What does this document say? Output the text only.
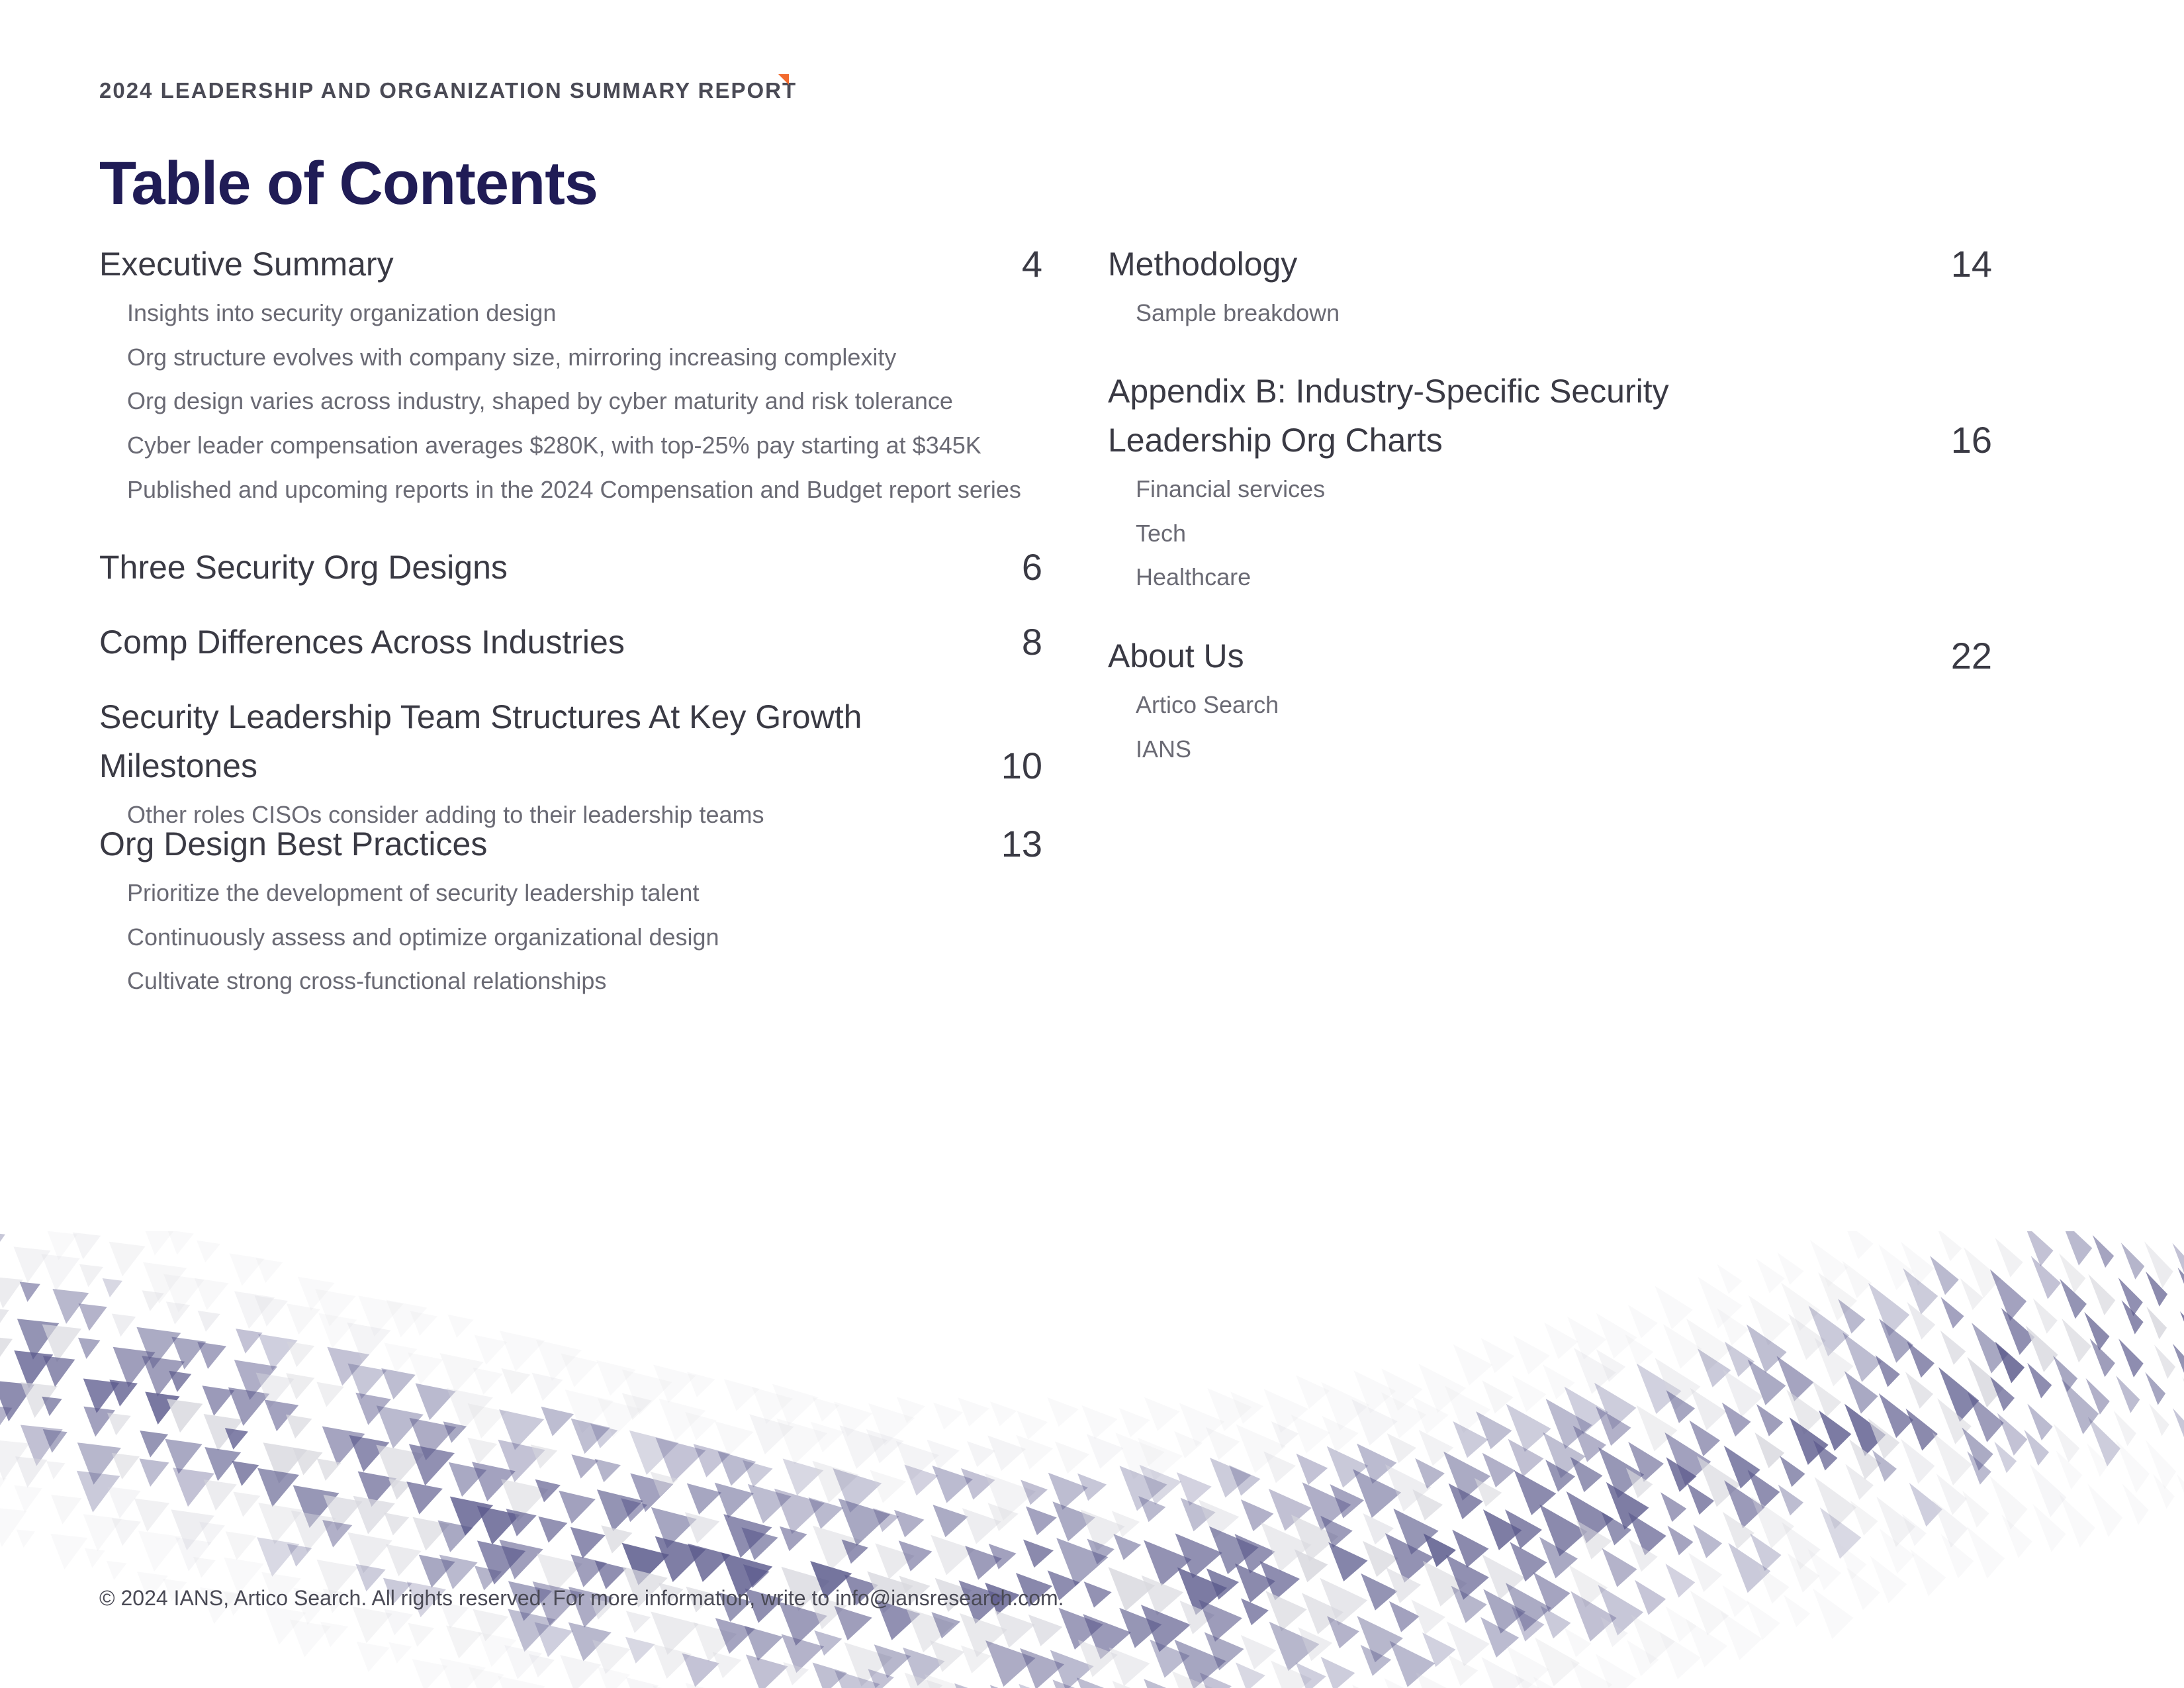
2024 LEADERSHIP AND ORGANIZATION SUMMARY REPORT
Table of Contents
Executive Summary	4
Insights into security organization design
Org structure evolves with company size, mirroring increasing complexity
Org design varies across industry, shaped by cyber maturity and risk tolerance
Cyber leader compensation averages $280K, with top-25% pay starting at $345K
Published and upcoming reports in the 2024 Compensation and Budget report series
Three Security Org Designs	6
Comp Differences Across Industries	8
Security Leadership Team Structures At Key Growth Milestones	10
Other roles CISOs consider adding to their leadership teams
Org Design Best Practices	13
Prioritize the development of security leadership talent
Continuously assess and optimize organizational design
Cultivate strong cross-functional relationships
Methodology	14
Sample breakdown
Appendix B: Industry-Specific Security
Leadership Org Charts	16
Financial services
Tech
Healthcare
About Us	22
Artico Search
IANS
© 2024 IANS, Artico Search. All rights reserved. For more information, write to info@iansresearch.com.
